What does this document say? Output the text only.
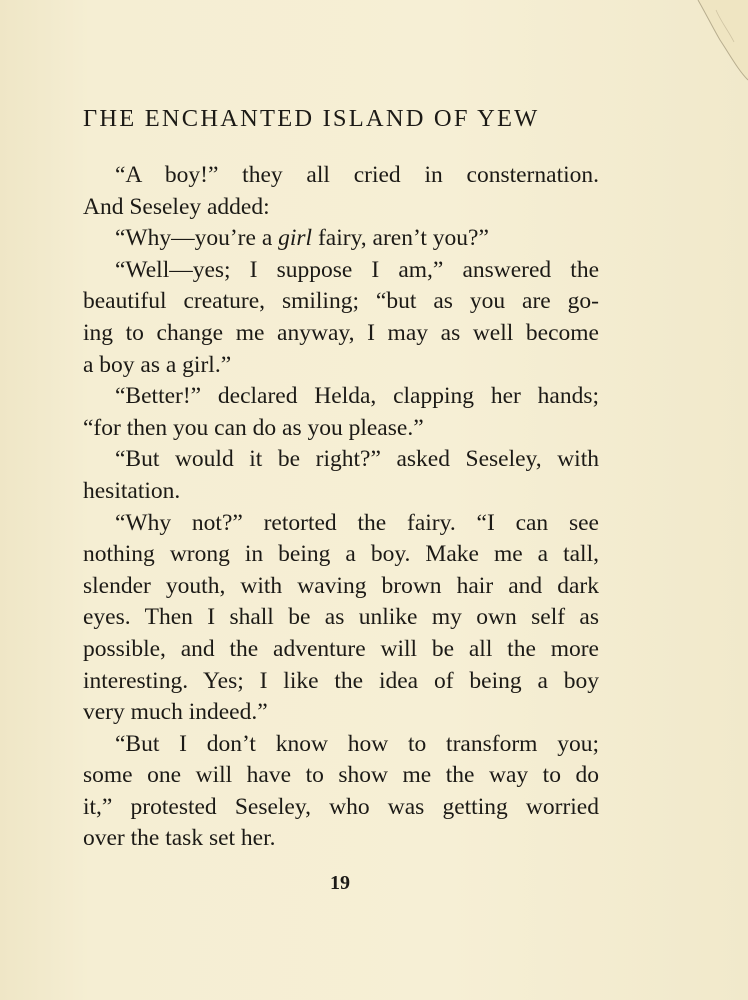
ГHE ENCHANTED ISLAND OF YEW
“A boy!” they all cried in consternation.
And Seseley added:
“Why—you’re a girl fairy, aren’t you?”
“Well—yes; I suppose I am,” answered the
beautiful creature, smiling; “but as you are go-
ing to change me anyway, I may as well become
a boy as a girl.”
“Better!” declared Helda, clapping her hands;
“for then you can do as you please.”
“But would it be right?” asked Seseley, with
hesitation.
“Why not?” retorted the fairy. “I can see
nothing wrong in being a boy. Make me a tall,
slender youth, with waving brown hair and dark
eyes. Then I shall be as unlike my own self as
possible, and the adventure will be all the more
interesting. Yes; I like the idea of being a boy
very much indeed.”
“But I don’t know how to transform you;
some one will have to show me the way to do
it,” protested Seseley, who was getting worried
over the task set her.
19
